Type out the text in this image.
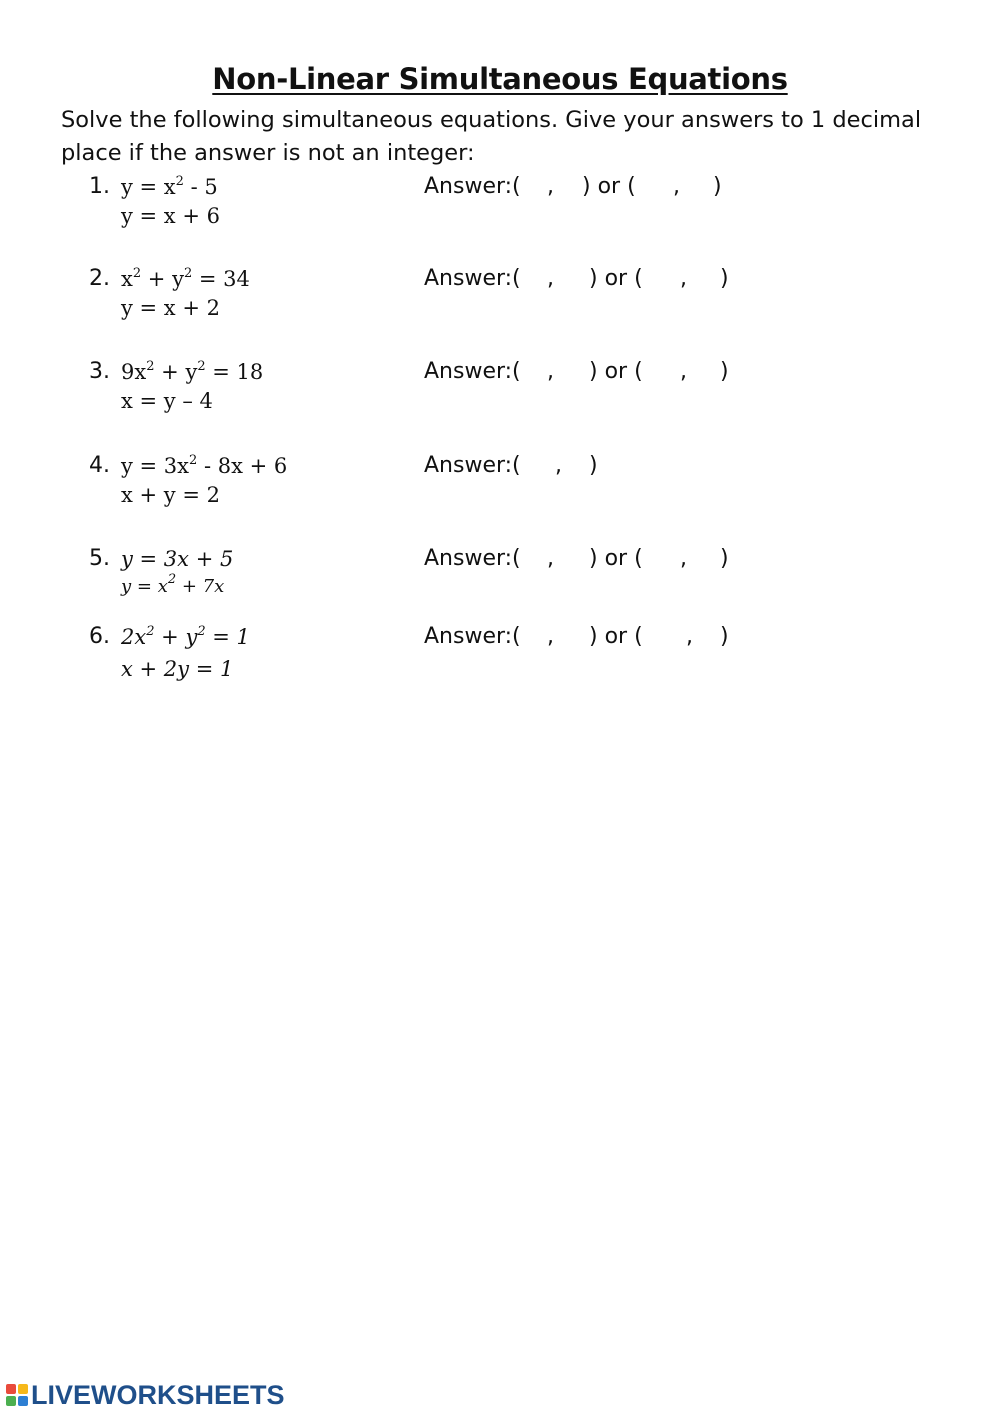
Non-Linear Simultaneous Equations
Solve the following simultaneous equations. Give your answers to 1 decimal place if the answer is not an integer:
1. $y = x^2 - 5$
y = x + 6
Answer:( , ) or ( , )
2. $x^2 + y^2 = 34$
y = x + 2
Answer:( , ) or ( , )
3. $9x^2 + y^2 = 18$
x = y – 4
Answer:( , ) or ( , )
4. $y = 3x^2 - 8x + 6$
x + y = 2
Answer:( , )
5. y = 3x + 5
$y = x^2 + 7x$
Answer:( , ) or ( , )
6. $2x^2 + y^2 = 1$
x + 2y = 1
Answer:( , ) or ( , )
LIVEWORKSHEETS
